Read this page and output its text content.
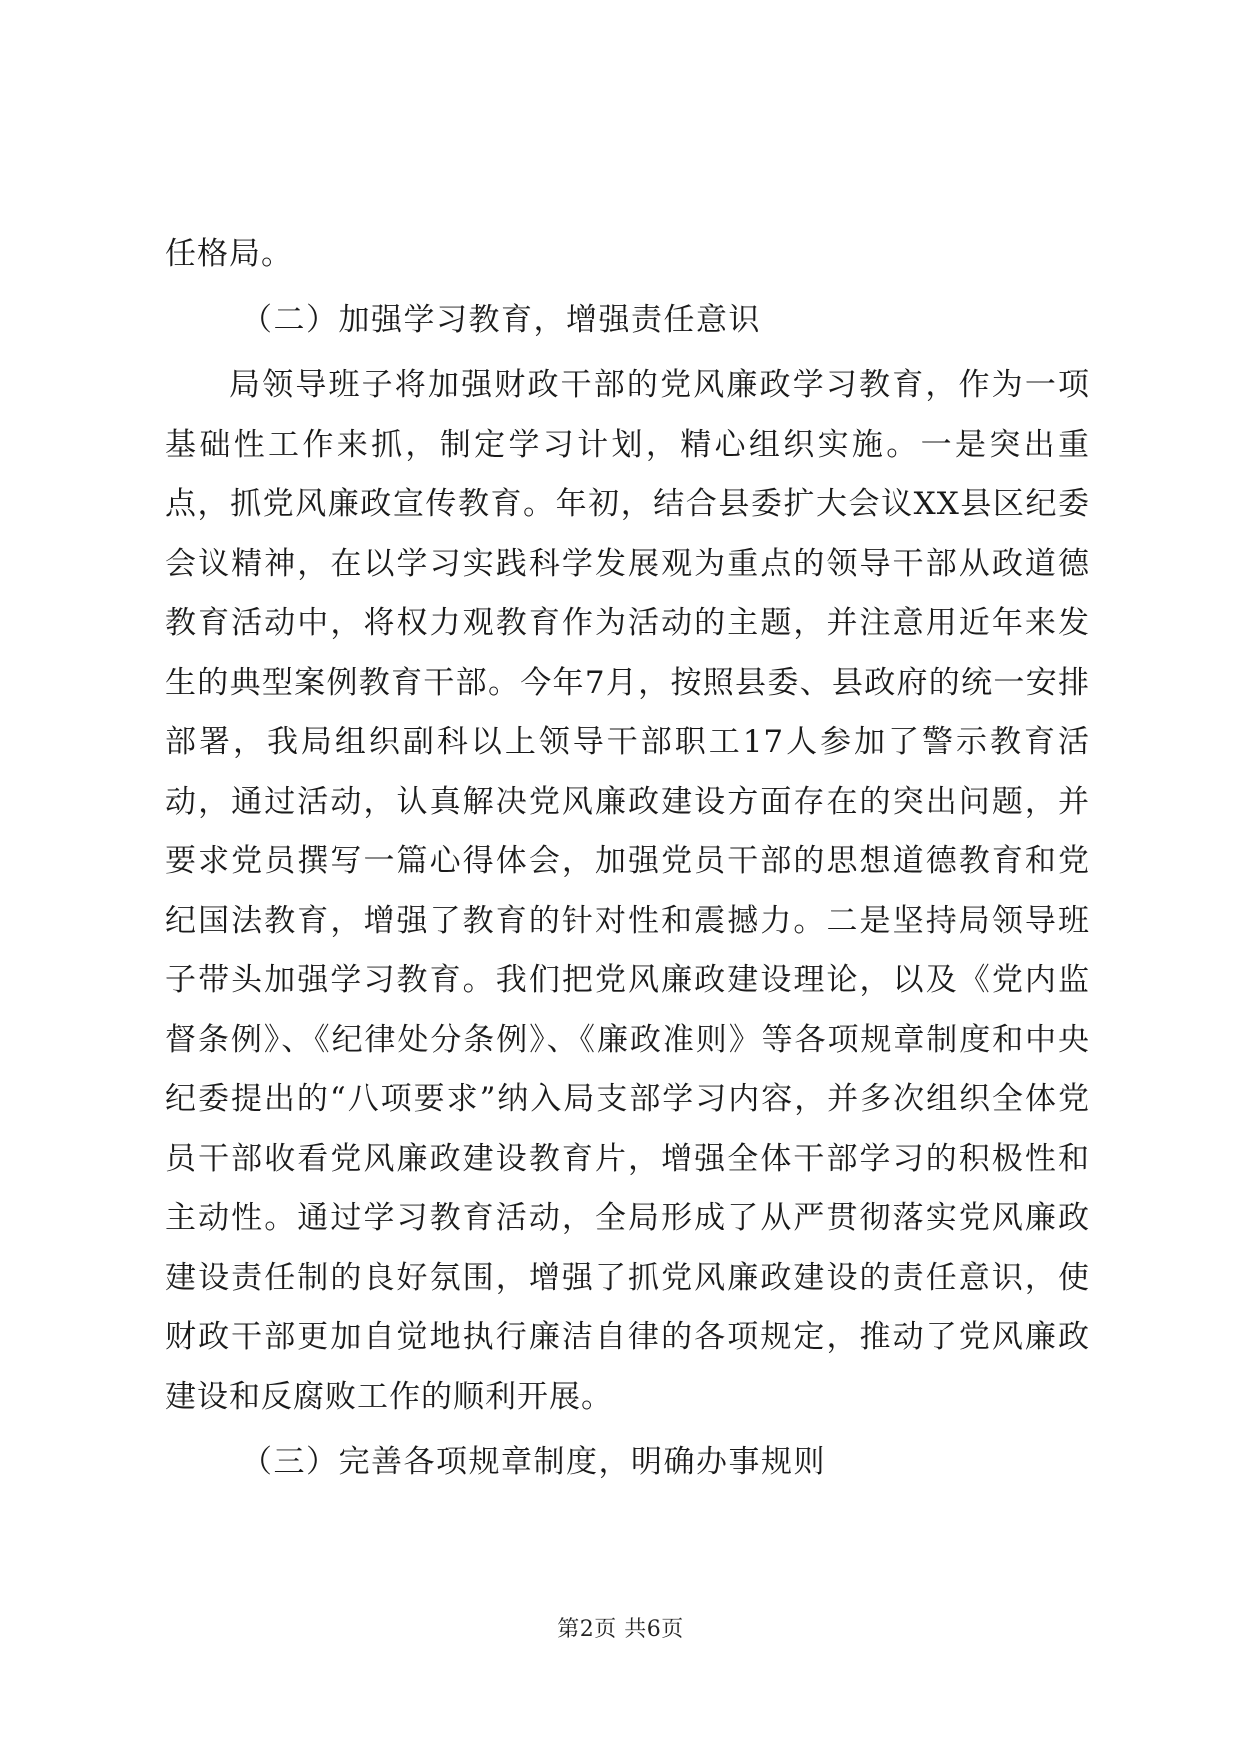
任格局。

（二）加强学习教育，增强责任意识

局领导班子将加强财政干部的党风廉政学习教育，作为一项基础性工作来抓，制定学习计划，精心组织实施。一是突出重点，抓党风廉政宣传教育。年初，结合县委扩大会议XX县区纪委会议精神，在以学习实践科学发展观为重点的领导干部从政道德教育活动中，将权力观教育作为活动的主题，并注意用近年来发生的典型案例教育干部。今年7月，按照县委、县政府的统一安排部署，我局组织副科以上领导干部职工17人参加了警示教育活动，通过活动，认真解决党风廉政建设方面存在的突出问题，并要求党员撰写一篇心得体会，加强党员干部的思想道德教育和党纪国法教育，增强了教育的针对性和震撼力。二是坚持局领导班子带头加强学习教育。我们把党风廉政建设理论，以及《党内监督条例》、《纪律处分条例》、《廉政准则》等各项规章制度和中央纪委提出的“八项要求”纳入局支部学习内容，并多次组织全体党员干部收看党风廉政建设教育片，增强全体干部学习的积极性和主动性。通过学习教育活动，全局形成了从严贯彻落实党风廉政建设责任制的良好氛围，增强了抓党风廉政建设的责任意识，使财政干部更加自觉地执行廉洁自律的各项规定，推动了党风廉政建设和反腐败工作的顺利开展。

（三）完善各项规章制度，明确办事规则

第2页 共6页
